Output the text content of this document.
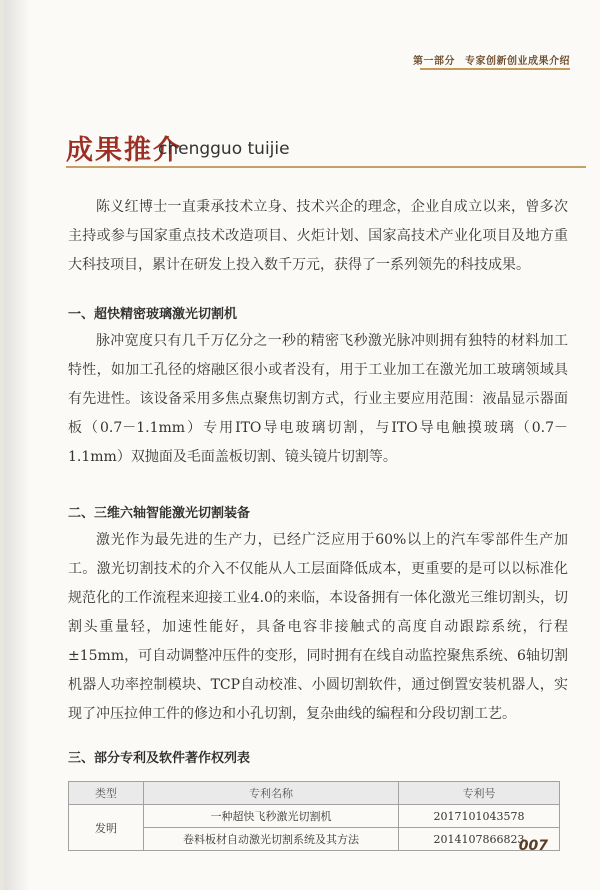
第一部分 专家创新创业成果介绍
成果推介
chengguo tuijie

陈义红博士一直秉承技术立身、技术兴企的理念，企业自成立以来，曾多次主持或参与国家重点技术改造项目、火炬计划、国家高技术产业化项目及地方重大科技项目，累计在研发上投入数千万元，获得了一系列领先的科技成果。

一、超快精密玻璃激光切割机

脉冲宽度只有几千万亿分之一秒的精密飞秒激光脉冲则拥有独特的材料加工特性，如加工孔径的熔融区很小或者没有，用于工业加工在激光加工玻璃领域具有先进性。该设备采用多焦点聚焦切割方式，行业主要应用范围：液晶显示器面板（0.7－1.1mm）专用ITO导电玻璃切割，与ITO导电触摸玻璃（0.7－1.1mm）双抛面及毛面盖板切割、镜头镜片切割等。

二、三维六轴智能激光切割装备

激光作为最先进的生产力，已经广泛应用于60%以上的汽车零部件生产加工。激光切割技术的介入不仅能从人工层面降低成本，更重要的是可以以标准化规范化的工作流程来迎接工业4.0的来临，本设备拥有一体化激光三维切割头，切割头重量轻，加速性能好，具备电容非接触式的高度自动跟踪系统，行程±15mm，可自动调整冲压件的变形，同时拥有在线自动监控聚焦系统、6轴切割机器人功率控制模块、TCP自动校准、小圆切割软件，通过倒置安装机器人，实现了冲压拉伸工件的修边和小孔切割，复杂曲线的编程和分段切割工艺。

三、部分专利及软件著作权列表

类型	专利名称	专利号
发明	一种超快飞秒激光切割机	2017101043578
	卷料板材自动激光切割系统及其方法	2014107866823
007
